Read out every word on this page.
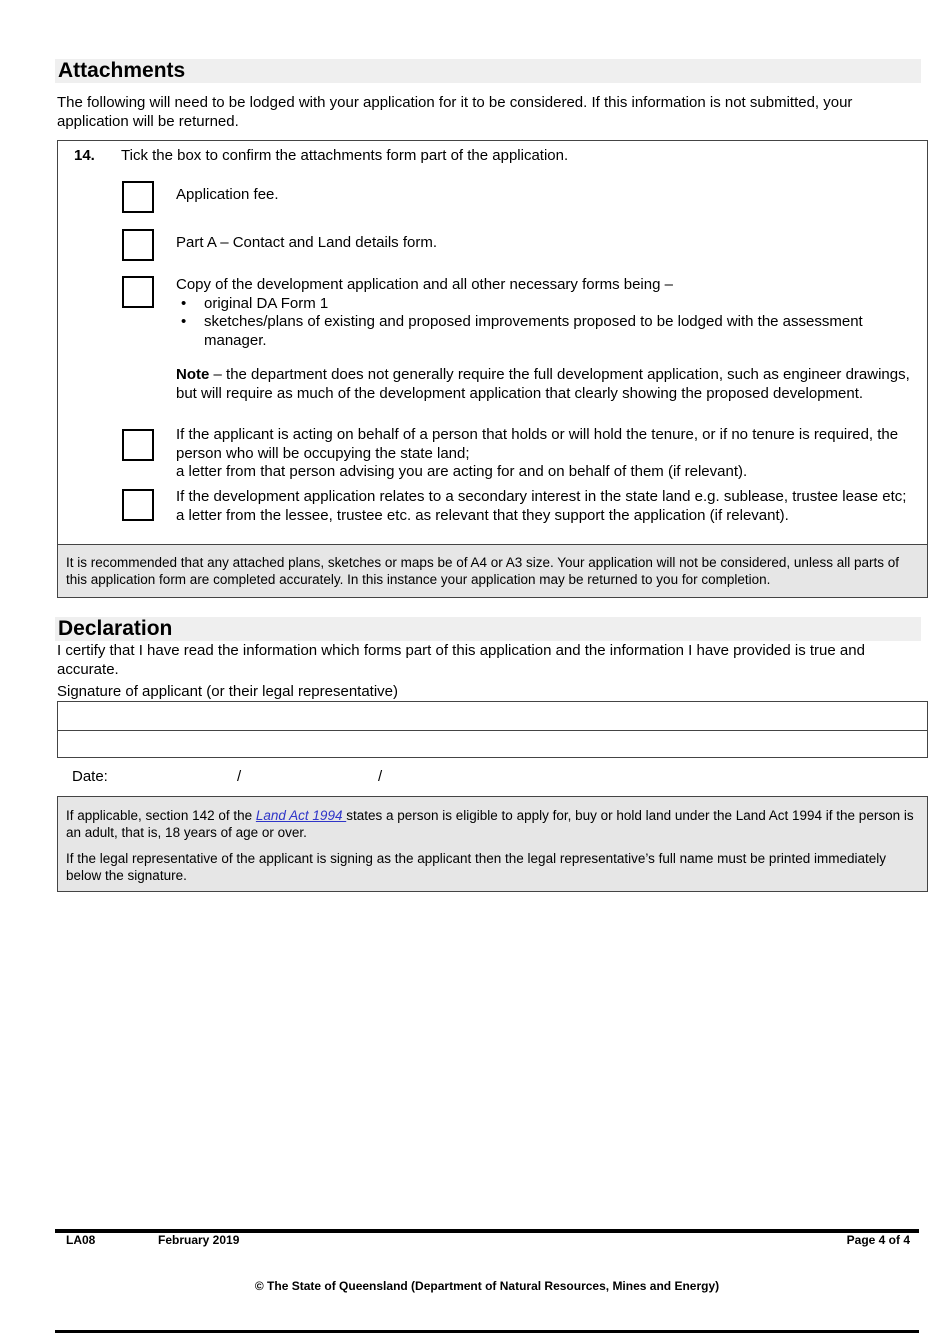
Attachments
The following will need to be lodged with your application for it to be considered. If this information is not submitted, your application will be returned.
14. Tick the box to confirm the attachments form part of the application.
Application fee.
Part A – Contact and Land details form.
Copy of the development application and all other necessary forms being –
• original DA Form 1
• sketches/plans of existing and proposed improvements proposed to be lodged with the assessment manager.
Note – the department does not generally require the full development application, such as engineer drawings, but will require as much of the development application that clearly showing the proposed development.
If the applicant is acting on behalf of a person that holds or will hold the tenure, or if no tenure is required, the person who will be occupying the state land;
a letter from that person advising you are acting for and on behalf of them (if relevant).
If the development application relates to a secondary interest in the state land e.g. sublease, trustee lease etc;
a letter from the lessee, trustee etc. as relevant that they support the application (if relevant).
It is recommended that any attached plans, sketches or maps be of A4 or A3 size. Your application will not be considered, unless all parts of this application form are completed accurately. In this instance your application may be returned to you for completion.
Declaration
I certify that I have read the information which forms part of this application and the information I have provided is true and accurate.
Signature of applicant (or their legal representative)
Date:	/	/
If applicable, section 142 of the Land Act 1994 states a person is eligible to apply for, buy or hold land under the Land Act 1994 if the person is an adult, that is, 18 years of age or over.
If the legal representative of the applicant is signing as the applicant then the legal representative’s full name must be printed immediately below the signature.
LA08	February 2019	Page 4 of 4
© The State of Queensland (Department of Natural Resources, Mines and Energy)
